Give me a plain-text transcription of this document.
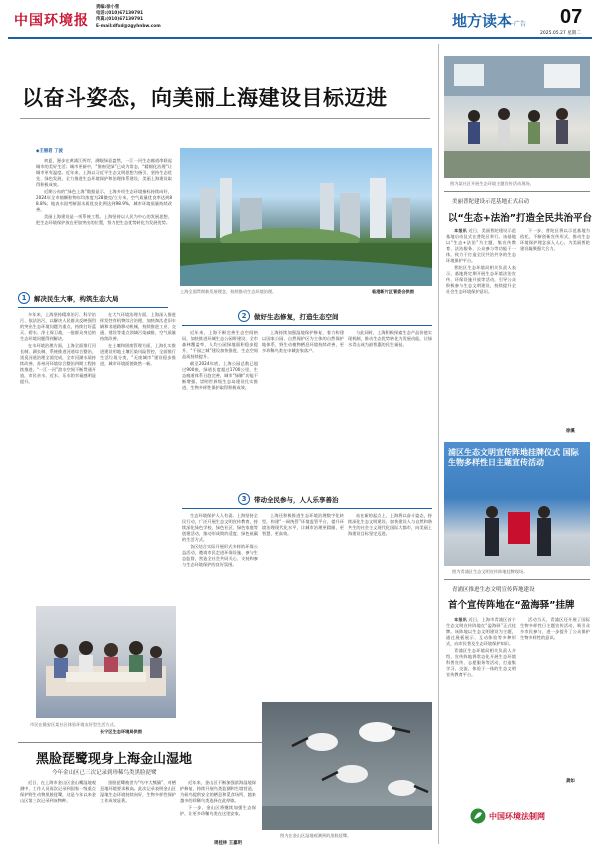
中国环境报
责编:徐小雪
电话:(010)67139791
传真:(010)67139791
E-mail:dfxd@zgyhnbw.com	地方读本·广告 07
2025.05.27 星期二
以奋斗姿态，向美丽上海建设目标迈进
◆王丽君 丁波

初夏，漫步在黄浦江两岸，满眼绿意盎然，一江一河生态廊道串联起城市的美好生活；城市更新中，“推窗见绿”已成为常态，“精细化治理”让城市更有温度。近年来，上海以习近平生态文明思想为指引，坚持生态优先、绿色发展，全力推进生态环境保护和治理体系建设，美丽上海建设取得积极成效。

近期公布的“绿色上海”数据显示，上海多项生态环境指标持续向好，2024年全市细颗粒物年均浓度为28微克/立方米，空气质量优良率达到88.8%；地表水国考断面水质优良比例达到98.9%，城市环境质量持续改善。

美丽上海建设是一项系统工程。上海坚持以人民为中心的发展思想，把生态环境保护放在更加突出的位置，努力把生态优势转化为发展优势。

上海全面贯彻新发展理念，持续推动生态环境治理。	临港新片区管委会供图
1	解决民生大事，构筑生态大局

多年来，上海坚持精准治污、科学治污、依法治污，以解决人民群众反映强烈的突出生态环境问题为重点，持续打好蓝天、碧水、净土保卫战，一批群众身边的生态环境问题得到解决。

在水环境治理方面，上海全面推行河长制、湖长制，系统推进河道综合整治，黑臭河道治理全面完成，全市河湖水质持续改善。苏州河环境综合整治四期工程持续推进，“一江一河”滨水空间不断贯通开放，市民亲水、近水、乐水的幸福感明显提升。

在大气环境治理方面，上海深入推进挥发性有机物综合治理，加快淘汰老旧车辆和非道路移动机械，持续推进工业、交通、建设等重点领域污染减排，空气质量持续改善。

在土壤和固废管理方面，上海扎实推进建设用地土壤污染风险管控，全面推行生活垃圾分类，“无废城市”建设稳步推进，城市环境面貌焕然一新。

市民在静安区某社区体验环境友好型生活方式。
长宁区生态环境局供图
2	做好生态修复，打造生态空间

近年来，上海不断完善生态空间格局，加快推进环城生态公园带建设，全市森林覆盖率、人均公园绿地面积稳步提升，“千园之城”建设加快推进，生态空间品质持续提升。

截至2024年底，上海公园总数已超过900座，绿道长度超过1700公里，生态廊道体系日趋完善，城市“绿肺”功能不断增强。崇明世界级生态岛建设扎实推进，生物多样性保护取得积极成效。

上海持续加强湿地保护修复，着力构建以国家公园、自然保护区为主体的自然保护地体系，野生动植物栖息环境持续改善，更多珍稀鸟类在申城安家落户。

与此同时，上海积极探索生态产品价值实现机制，推动生态优势转化为发展动能，让绿水青山成为最普惠的民生福祉。

3	带动全民参与，人人乐享善治

生态环境保护人人有责。上海坚持全民行动，广泛开展生态文明宣传教育，持续深化绿色学校、绿色社区、绿色家庭等创建活动，推动形成简约适度、绿色低碳的生活方式。

各区结合实际开展形式多样的环保公益活动，邀请市民走进环保设施、参与生态监督，营造全社会共同关心、支持和参与生态环境保护的良好氛围。

上海还积极推进生态环境治理数字化转型，构建“一网统管”环境监管平台，提升环境治理现代化水平，让城市治理更精细、更智慧、更高效。

站在新的起点上，上海将以奋斗姿态，持续深化生态文明建设，加快建设人与自然和谐共生的社会主义现代化国际大都市，向美丽上海建设目标坚定迈进。

黑脸琵鹭现身上海金山湿地
今年金山区已三次记录到珍稀鸟类黑脸琵鹭

近日，在上海市金山区金山嘴湿地观测中，工作人员再次记录到国家一级重点保护野生动物黑脸琵鹭，这是今年以来金山区第三次记录到该物种。

黑脸琵鹭被誉为“鸟中大熊猫”，对栖息地环境要求极高。此次记录表明金山区湿地生态环境持续向好，生物多样性保护工作成效显著。

近年来，金山区不断加强滨海湿地保护修复，持续开展鸟类监测和生境营造，为候鸟提供安全的栖息和觅食场所，越来越多的珍稀鸟类选择在此停歇。

下一步，金山区将继续加强生态保护，让更多珍稀鸟类在这里安家。

周桂林 王嘉玥
图为在金山区湿地观测到的黑脸琵鹭。
图为某社区开展生态环境主题宣传活动现场。
美丽普陀建设示范基地正式启动
以“生态+法治”打造全民共治平台

本报讯 近日，美丽普陀建设示范基地启动仪式在普陀区举行。该基地以“生态+法治”为主题，集宣传教育、法治服务、公众参与等功能于一体，致力于打造全民共治共享的生态环境保护平台。

普陀区生态环境局相关负责人表示，基地将定期开展生态环境法治宣传、环保设施开放等活动，引导公众积极参与生态文明建设，持续提升全社会生态环境保护意识。

下一步，普陀区将以示范基地为依托，不断创新宣传形式，推动生态环境保护理念深入人心，为美丽普陀建设凝聚强大合力。

徐溪
浦区生态文明宣传阵地挂牌仪式 国际生物多样性日主题宣传活动
图为青浦区生态文明宣传阵地挂牌现场。
青浦区推进生态文明宣传阵地建设
首个宣传阵地在“盈海驿”挂牌

本报讯 近日，上海市青浦区首个生态文明宣传阵地在“盈海驿”正式挂牌。该阵地以生态文明建设为主题，通过展板展示、互动体验等多种形式，向市民普及生态环境保护知识。

青浦区生态环境局相关负责人介绍，宣传阵地将常态化开展生态环境科普宣传、志愿服务等活动，打造集学习、交流、体验于一体的生态文明宣传教育平台。

活动当天，青浦区还开展了国际生物多样性日主题宣传活动，吸引众多市民参与，进一步提升了公众保护生物多样性的意识。

龚如
中国环境法制网
